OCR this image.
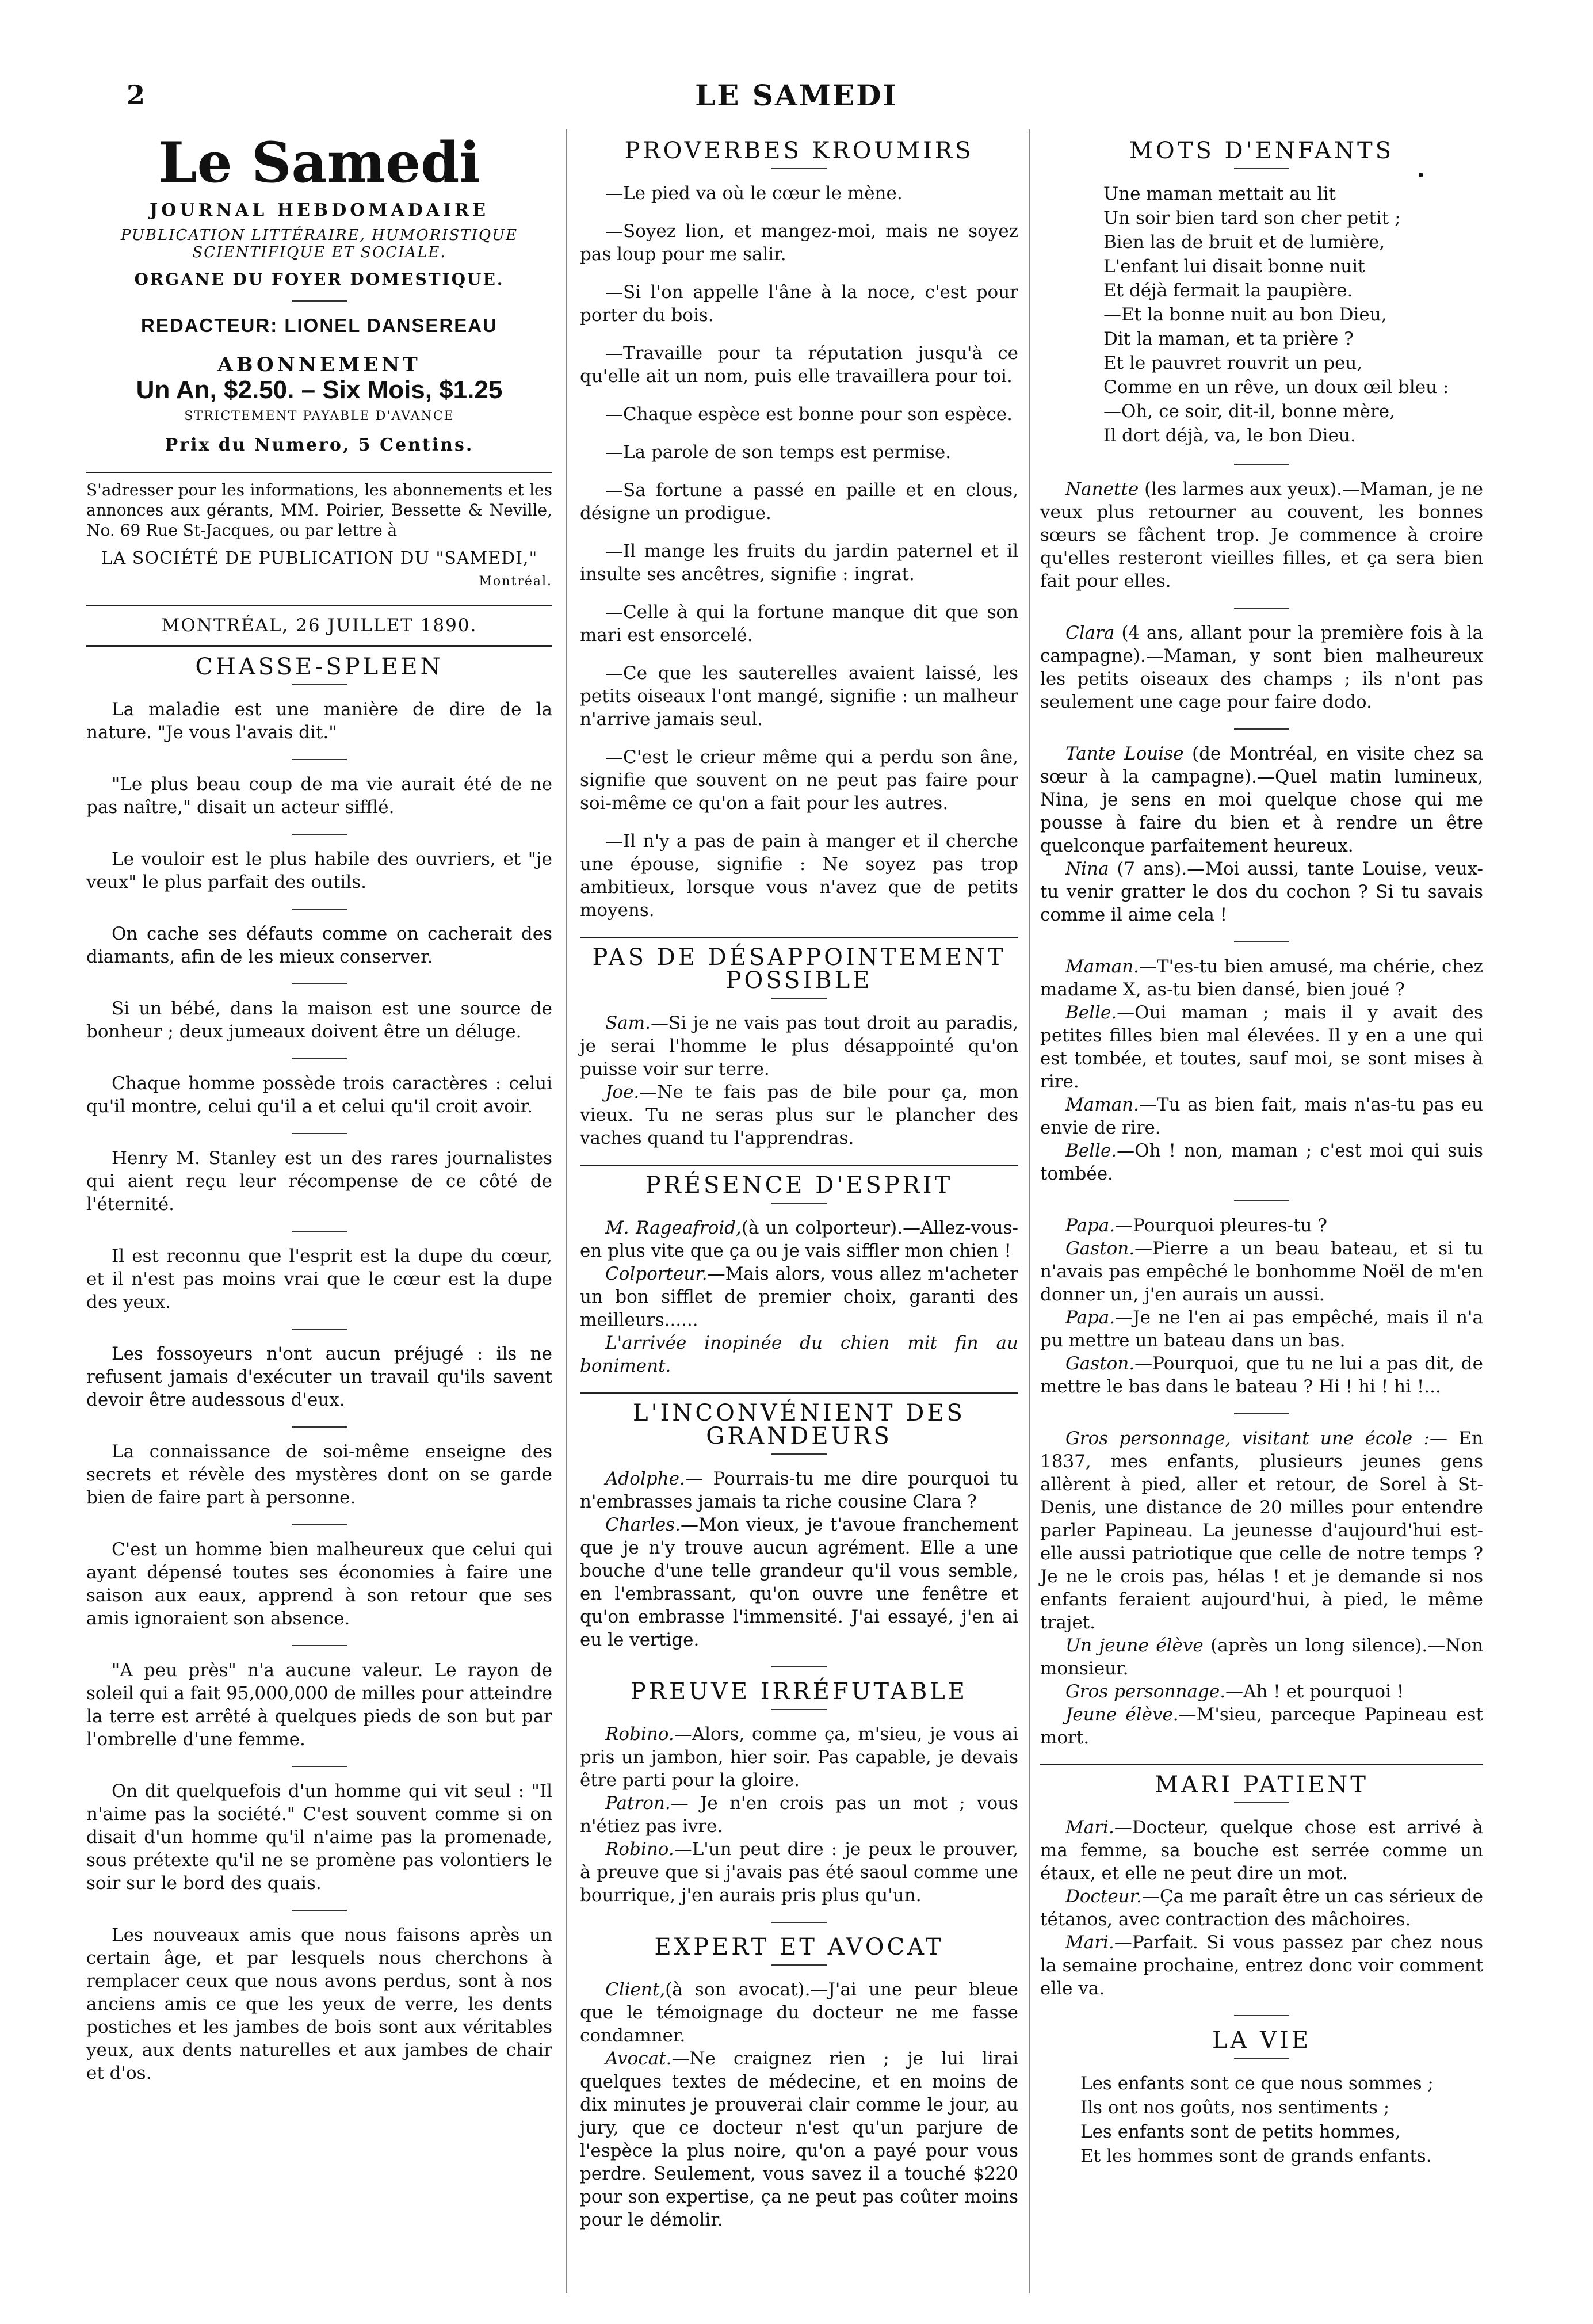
2	LE SAMEDI
Le Samedi
JOURNAL HEBDOMADAIRE
PUBLICATION LITTÉRAIRE, HUMORISTIQUE SCIENTIFIQUE ET SOCIALE.
ORGANE DU FOYER DOMESTIQUE.
REDACTEUR: LIONEL DANSEREAU
ABONNEMENT
Un An, $2.50. – Six Mois, $1.25
STRICTEMENT PAYABLE D'AVANCE
Prix du Numero, 5 Centins.
S'adresser pour les informations, les abonnements et les annonces aux gérants, MM. Poirier, Bessette & Neville, No. 69 Rue St-Jacques, ou par lettre à
LA SOCIÉTÉ DE PUBLICATION DU "SAMEDI,"
Montréal.
MONTRÉAL, 26 JUILLET 1890.
CHASSE-SPLEEN

La maladie est une manière de dire de la nature. "Je vous l'avais dit."

"Le plus beau coup de ma vie aurait été de ne pas naître," disait un acteur sifflé.

Le vouloir est le plus habile des ouvriers, et "je veux" le plus parfait des outils.

On cache ses défauts comme on cacherait des diamants, afin de les mieux conserver.

Si un bébé, dans la maison est une source de bonheur ; deux jumeaux doivent être un déluge.

Chaque homme possède trois caractères : celui qu'il montre, celui qu'il a et celui qu'il croit avoir.

Henry M. Stanley est un des rares journalistes qui aient reçu leur récompense de ce côté de l'éternité.

Il est reconnu que l'esprit est la dupe du cœur, et il n'est pas moins vrai que le cœur est la dupe des yeux.

Les fossoyeurs n'ont aucun préjugé : ils ne refusent jamais d'exécuter un travail qu'ils savent devoir être audessous d'eux.

La connaissance de soi-même enseigne des secrets et révèle des mystères dont on se garde bien de faire part à personne.

C'est un homme bien malheureux que celui qui ayant dépensé toutes ses économies à faire une saison aux eaux, apprend à son retour que ses amis ignoraient son absence.

"A peu près" n'a aucune valeur. Le rayon de soleil qui a fait 95,000,000 de milles pour atteindre la terre est arrêté à quelques pieds de son but par l'ombrelle d'une femme.

On dit quelquefois d'un homme qui vit seul : "Il n'aime pas la société." C'est souvent comme si on disait d'un homme qu'il n'aime pas la promenade, sous prétexte qu'il ne se promène pas volontiers le soir sur le bord des quais.

Les nouveaux amis que nous faisons après un certain âge, et par lesquels nous cherchons à remplacer ceux que nous avons perdus, sont à nos anciens amis ce que les yeux de verre, les dents postiches et les jambes de bois sont aux véritables yeux, aux dents naturelles et aux jambes de chair et d'os.

PROVERBES KROUMIRS

—Le pied va où le cœur le mène.

—Soyez lion, et mangez-moi, mais ne soyez pas loup pour me salir.

—Si l'on appelle l'âne à la noce, c'est pour porter du bois.

—Travaille pour ta réputation jusqu'à ce qu'elle ait un nom, puis elle travaillera pour toi.

—Chaque espèce est bonne pour son espèce.

—La parole de son temps est permise.

—Sa fortune a passé en paille et en clous, désigne un prodigue.

—Il mange les fruits du jardin paternel et il insulte ses ancêtres, signifie : ingrat.

—Celle à qui la fortune manque dit que son mari est ensorcelé.

—Ce que les sauterelles avaient laissé, les petits oiseaux l'ont mangé, signifie : un malheur n'arrive jamais seul.

—C'est le crieur même qui a perdu son âne, signifie que souvent on ne peut pas faire pour soi-même ce qu'on a fait pour les autres.

—Il n'y a pas de pain à manger et il cherche une épouse, signifie : Ne soyez pas trop ambitieux, lorsque vous n'avez que de petits moyens.

PAS DE DÉSAPPOINTEMENT POSSIBLE

Sam.—Si je ne vais pas tout droit au paradis, je serai l'homme le plus désappointé qu'on puisse voir sur terre.

Joe.—Ne te fais pas de bile pour ça, mon vieux. Tu ne seras plus sur le plancher des vaches quand tu l'apprendras.

PRÉSENCE D'ESPRIT

M. Rageafroid,(à un colporteur).—Allez-vous-en plus vite que ça ou je vais siffler mon chien !

Colporteur.—Mais alors, vous allez m'acheter un bon sifflet de premier choix, garanti des meilleurs......

L'arrivée inopinée du chien mit fin au boniment.

L'INCONVÉNIENT DES GRANDEURS

Adolphe.— Pourrais-tu me dire pourquoi tu n'embrasses jamais ta riche cousine Clara ?

Charles.—Mon vieux, je t'avoue franchement que je n'y trouve aucun agrément. Elle a une bouche d'une telle grandeur qu'il vous semble, en l'embrassant, qu'on ouvre une fenêtre et qu'on embrasse l'immensité. J'ai essayé, j'en ai eu le vertige.

PREUVE IRRÉFUTABLE

Robino.—Alors, comme ça, m'sieu, je vous ai pris un jambon, hier soir. Pas capable, je devais être parti pour la gloire.

Patron.— Je n'en crois pas un mot ; vous n'étiez pas ivre.

Robino.—L'un peut dire : je peux le prouver, à preuve que si j'avais pas été saoul comme une bourrique, j'en aurais pris plus qu'un.

EXPERT ET AVOCAT

Client,(à son avocat).—J'ai une peur bleue que le témoignage du docteur ne me fasse condamner.

Avocat.—Ne craignez rien ; je lui lirai quelques textes de médecine, et en moins de dix minutes je prouverai clair comme le jour, au jury, que ce docteur n'est qu'un parjure de l'espèce la plus noire, qu'on a payé pour vous perdre. Seulement, vous savez il a touché $220 pour son expertise, ça ne peut pas coûter moins pour le démolir.

MOTS D'ENFANTS
Une maman mettait au lit
Un soir bien tard son cher petit ;
Bien las de bruit et de lumière,
L'enfant lui disait bonne nuit
Et déjà fermait la paupière.
—Et la bonne nuit au bon Dieu,
Dit la maman, et ta prière ?
Et le pauvret rouvrit un peu,
Comme en un rêve, un doux œil bleu :
—Oh, ce soir, dit-il, bonne mère,
Il dort déjà, va, le bon Dieu.

Nanette (les larmes aux yeux).—Maman, je ne veux plus retourner au couvent, les bonnes sœurs se fâchent trop. Je commence à croire qu'elles resteront vieilles filles, et ça sera bien fait pour elles.

Clara (4 ans, allant pour la première fois à la campagne).—Maman, y sont bien malheureux les petits oiseaux des champs ; ils n'ont pas seulement une cage pour faire dodo.

Tante Louise (de Montréal, en visite chez sa sœur à la campagne).—Quel matin lumineux, Nina, je sens en moi quelque chose qui me pousse à faire du bien et à rendre un être quelconque parfaitement heureux.

Nina (7 ans).—Moi aussi, tante Louise, veux-tu venir gratter le dos du cochon ? Si tu savais comme il aime cela !

Maman.—T'es-tu bien amusé, ma chérie, chez madame X, as-tu bien dansé, bien joué ?

Belle.—Oui maman ; mais il y avait des petites filles bien mal élevées. Il y en a une qui est tombée, et toutes, sauf moi, se sont mises à rire.

Maman.—Tu as bien fait, mais n'as-tu pas eu envie de rire.

Belle.—Oh ! non, maman ; c'est moi qui suis tombée.

Papa.—Pourquoi pleures-tu ?

Gaston.—Pierre a un beau bateau, et si tu n'avais pas empêché le bonhomme Noël de m'en donner un, j'en aurais un aussi.

Papa.—Je ne l'en ai pas empêché, mais il n'a pu mettre un bateau dans un bas.

Gaston.—Pourquoi, que tu ne lui a pas dit, de mettre le bas dans le bateau ? Hi ! hi ! hi !...

Gros personnage, visitant une école :— En 1837, mes enfants, plusieurs jeunes gens allèrent à pied, aller et retour, de Sorel à St-Denis, une distance de 20 milles pour entendre parler Papineau. La jeunesse d'aujourd'hui est-elle aussi patriotique que celle de notre temps ? Je ne le crois pas, hélas ! et je demande si nos enfants feraient aujourd'hui, à pied, le même trajet.

Un jeune élève (après un long silence).—Non monsieur.

Gros personnage.—Ah ! et pourquoi !

Jeune élève.—M'sieu, parceque Papineau est mort.

MARI PATIENT

Mari.—Docteur, quelque chose est arrivé à ma femme, sa bouche est serrée comme un étaux, et elle ne peut dire un mot.

Docteur.—Ça me paraît être un cas sérieux de tétanos, avec contraction des mâchoires.

Mari.—Parfait. Si vous passez par chez nous la semaine prochaine, entrez donc voir comment elle va.

LA VIE
Les enfants sont ce que nous sommes ;
Ils ont nos goûts, nos sentiments ;
Les enfants sont de petits hommes,
Et les hommes sont de grands enfants.
